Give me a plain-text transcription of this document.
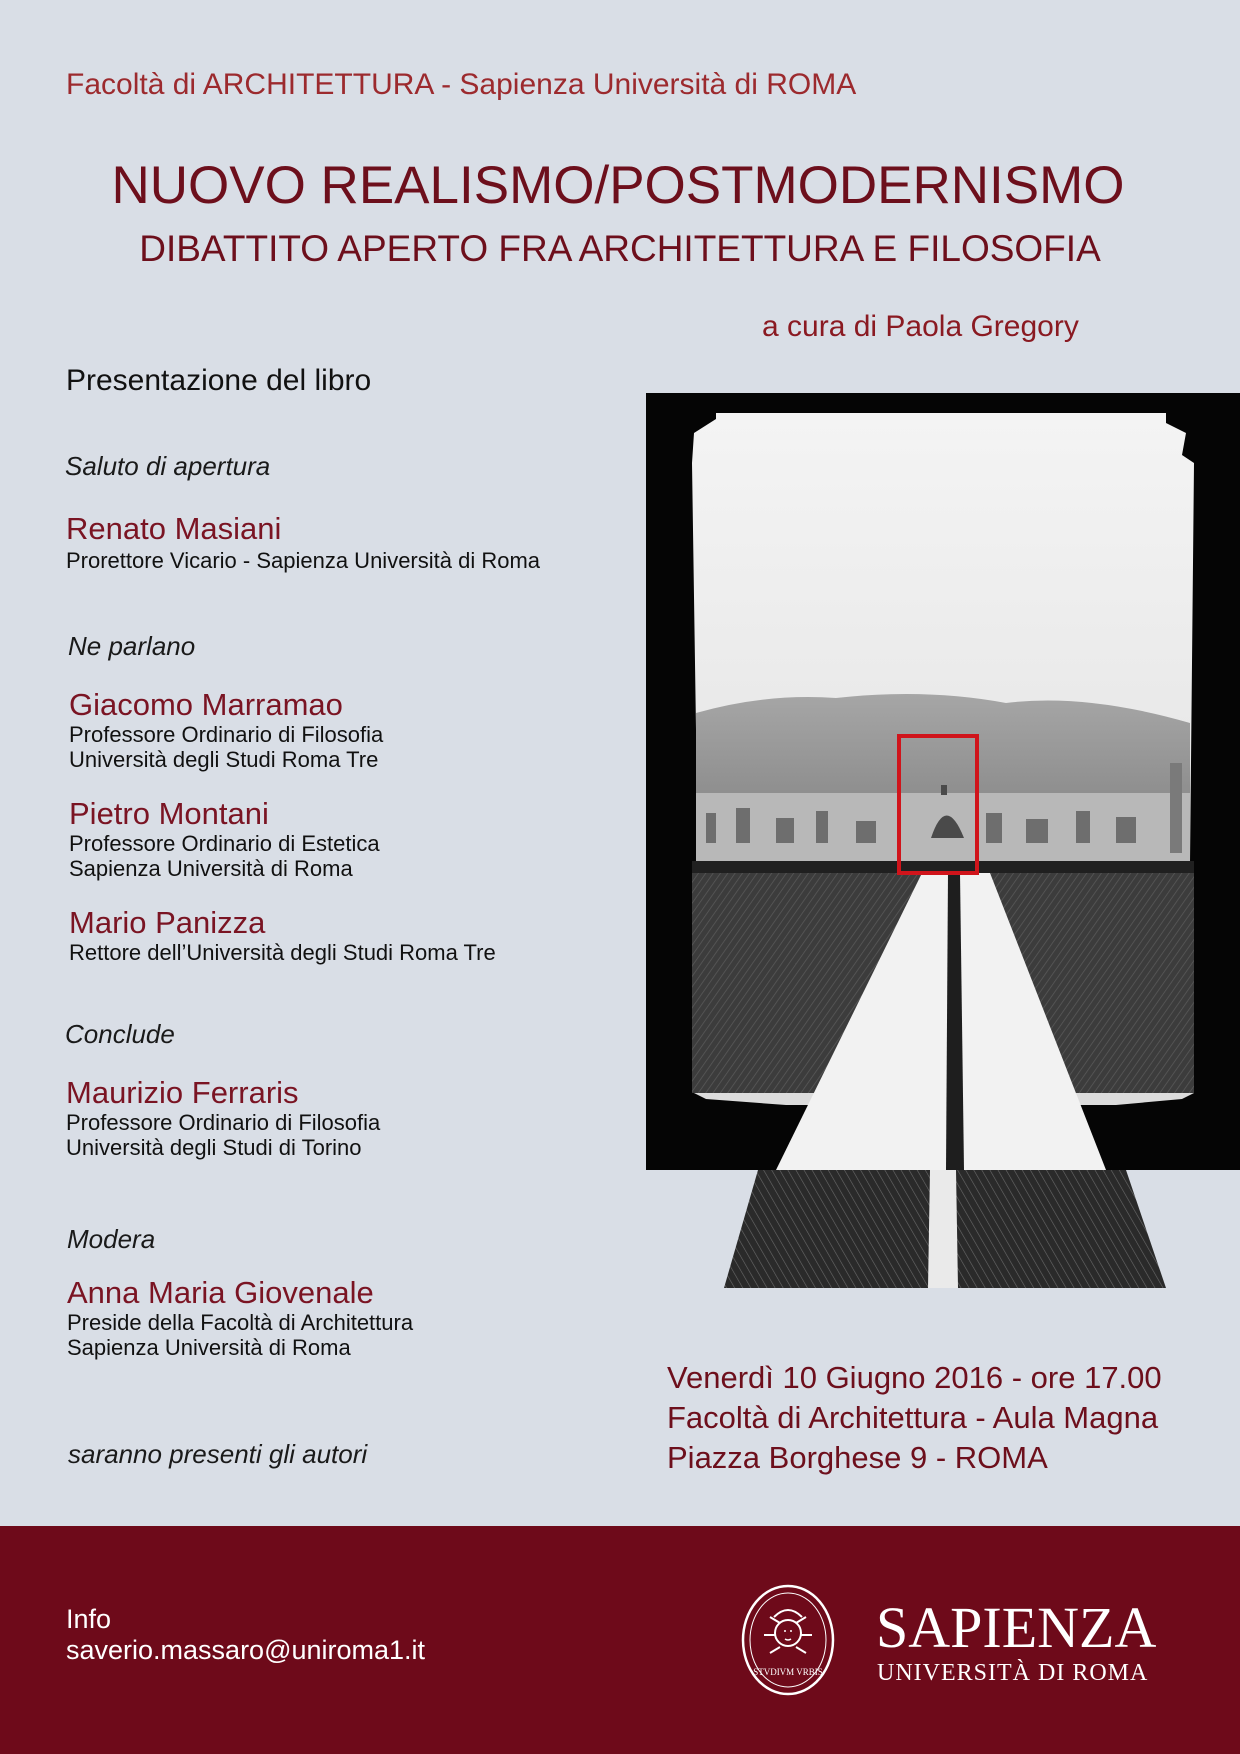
Facoltà di ARCHITETTURA - Sapienza Università di ROMA
NUOVO REALISMO/POSTMODERNISMO
DIBATTITO APERTO FRA ARCHITETTURA E FILOSOFIA
a cura di Paola Gregory
Presentazione del libro
Saluto di apertura
Renato Masiani
Prorettore Vicario - Sapienza Università di Roma
Ne parlano
Giacomo Marramao
Professore Ordinario di Filosofia
Università degli Studi Roma Tre
Pietro Montani
Professore Ordinario di Estetica
Sapienza Università di Roma
Mario Panizza
Rettore dell’Università degli Studi Roma Tre
Conclude
Maurizio Ferraris
Professore Ordinario di Filosofia
Università degli Studi di Torino
Modera
Anna Maria Giovenale
Preside della Facoltà di Architettura
Sapienza Università di Roma
saranno presenti gli autori
Venerdì 10 Giugno 2016 - ore 17.00
Facoltà di Architettura - Aula Magna
Piazza Borghese 9 - ROMA
Info
saverio.massaro@uniroma1.it
STVDIVM VRBIS
SAPIENZA
UNIVERSITÀ DI ROMA
